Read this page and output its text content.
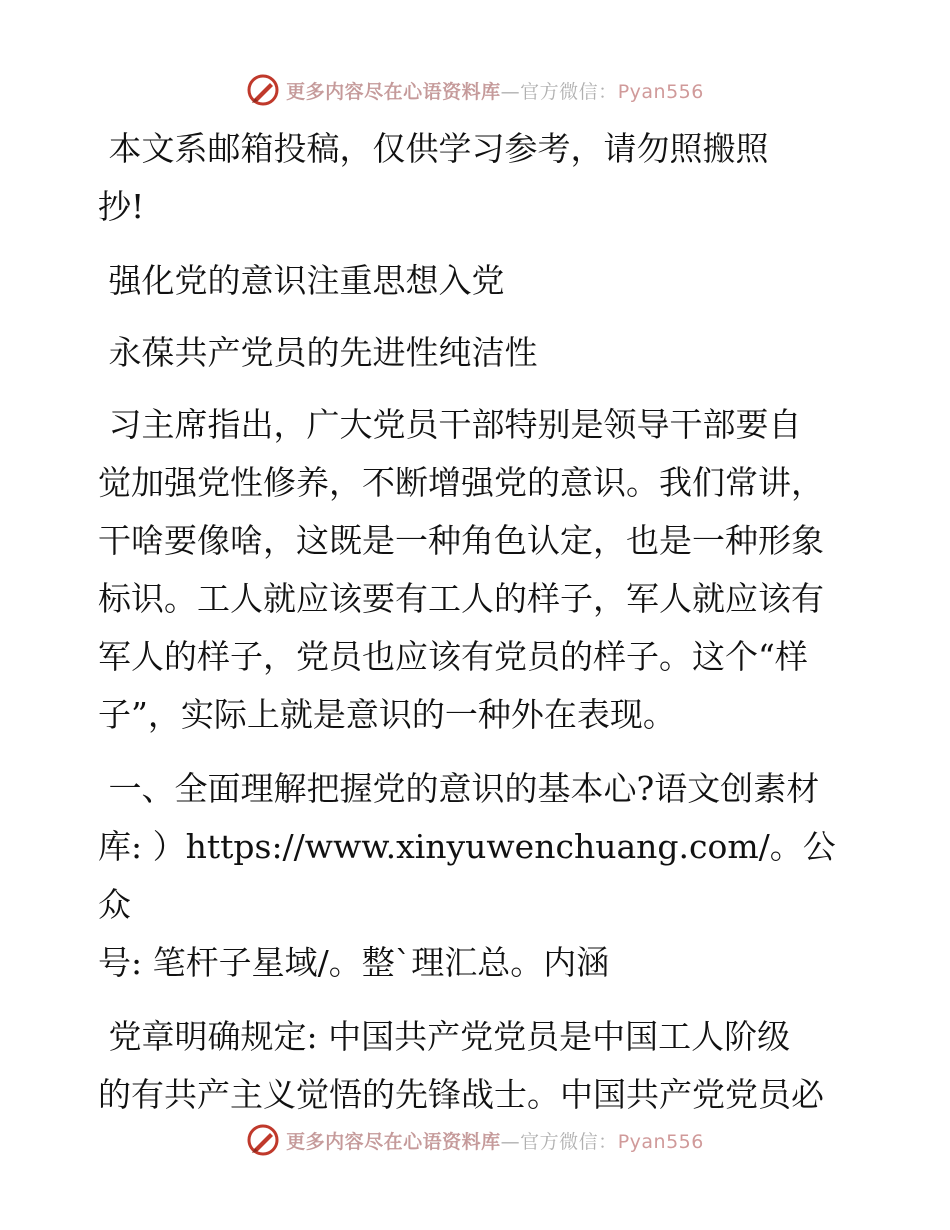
更多内容尽在心语资料库—官方微信：Pyan556

本文系邮箱投稿，仅供学习参考，请勿照搬照
抄!

强化党的意识注重思想入党

永葆共产党员的先进性纯洁性

习主席指出，广大党员干部特别是领导干部要自
觉加强党性修养，不断增强党的意识。我们常讲，
干啥要像啥，这既是一种角色认定，也是一种形象
标识。工人就应该要有工人的样子，军人就应该有
军人的样子，党员也应该有党员的样子。这个“样
子”，实际上就是意识的一种外在表现。

一、全面理解把握党的意识的基本心?语文创素材
库: ）https://www.xinyuwenchuang.com/。公众
号: 笔杆子星域/。整`理汇总。内涵

党章明确规定: 中国共产党党员是中国工人阶级
的有共产主义觉悟的先锋战士。中国共产党党员必

更多内容尽在心语资料库—官方微信：Pyan556
